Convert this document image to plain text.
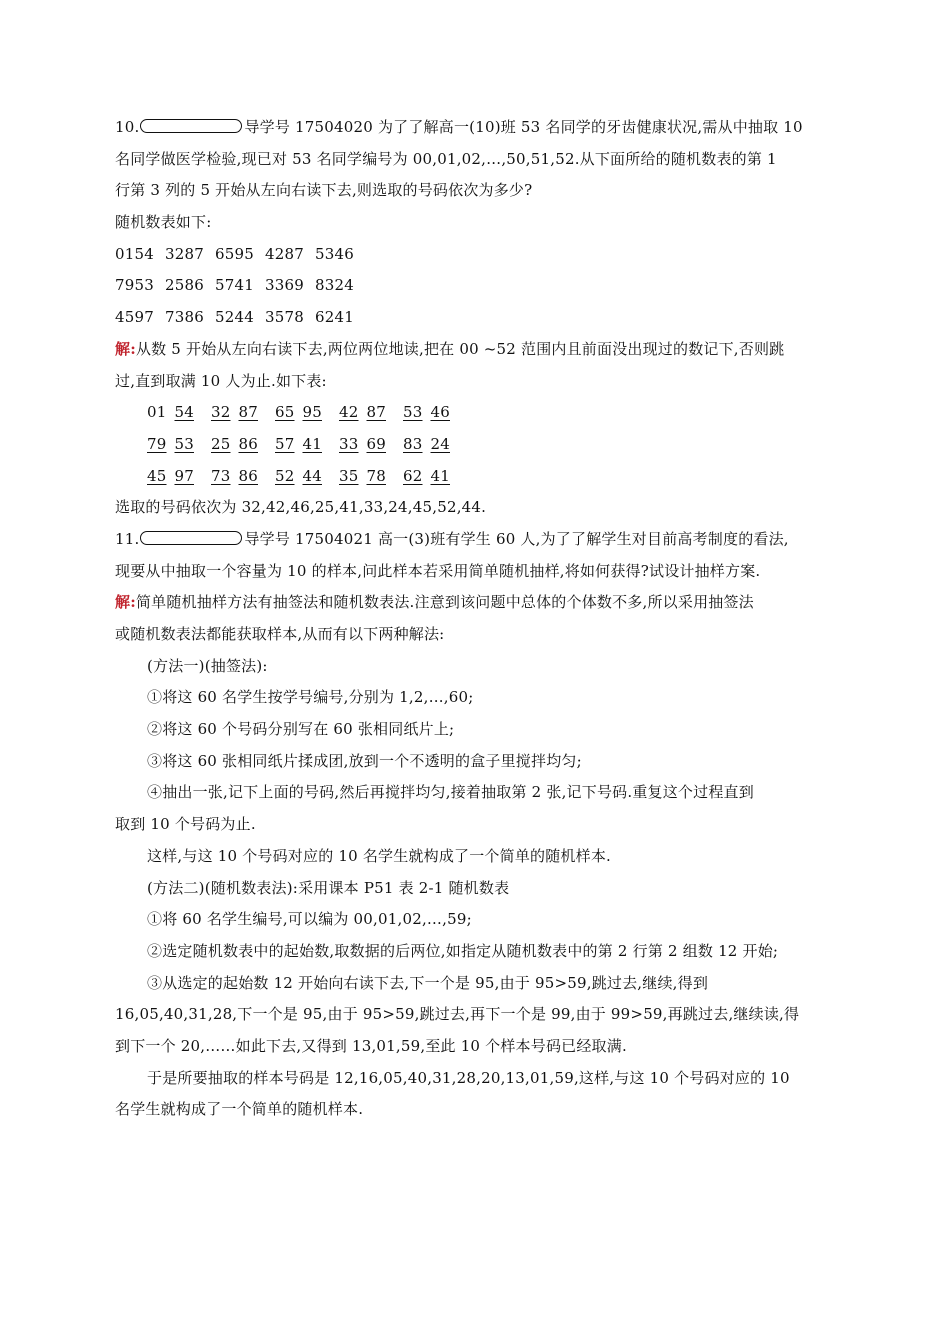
10.	导学号 17504020 为了了解高一(10)班 53 名同学的牙齿健康状况,需从中抽取 10
名同学做医学检验,现已对 53 名同学编号为 00,01,02,…,50,51,52.从下面所给的随机数表的第 1
行第 3 列的 5 开始从左向右读下去,则选取的号码依次为多少?
随机数表如下:
0154 3287 6595 4287 5346
7953 2586 5741 3369 8324
4597 7386 5244 3578 6241
解:从数 5 开始从左向右读下去,两位两位地读,把在 00 ~52 范围内且前面没出现过的数记下,否则跳
过,直到取满 10 人为止.如下表:
01 54 32 87 65 95 42 87 53 46
79 53 25 86 57 41 33 69 83 24
45 97 73 86 52 44 35 78 62 41
选取的号码依次为 32,42,46,25,41,33,24,45,52,44.
11.	导学号 17504021 高一(3)班有学生 60 人,为了了解学生对目前高考制度的看法,
现要从中抽取一个容量为 10 的样本,问此样本若采用简单随机抽样,将如何获得?试设计抽样方案.
解:简单随机抽样方法有抽签法和随机数表法.注意到该问题中总体的个体数不多,所以采用抽签法
或随机数表法都能获取样本,从而有以下两种解法:
(方法一)(抽签法):
①将这 60 名学生按学号编号,分别为 1,2,…,60;
②将这 60 个号码分别写在 60 张相同纸片上;
③将这 60 张相同纸片揉成团,放到一个不透明的盒子里搅拌均匀;
④抽出一张,记下上面的号码,然后再搅拌均匀,接着抽取第 2 张,记下号码.重复这个过程直到
取到 10 个号码为止.
这样,与这 10 个号码对应的 10 名学生就构成了一个简单的随机样本.
(方法二)(随机数表法):采用课本 P51 表 2-1 随机数表
①将 60 名学生编号,可以编为 00,01,02,…,59;
②选定随机数表中的起始数,取数据的后两位,如指定从随机数表中的第 2 行第 2 组数 12 开始;
③从选定的起始数 12 开始向右读下去,下一个是 95,由于 95>59,跳过去,继续,得到
16,05,40,31,28,下一个是 95,由于 95>59,跳过去,再下一个是 99,由于 99>59,再跳过去,继续读,得
到下一个 20,……如此下去,又得到 13,01,59,至此 10 个样本号码已经取满.
于是所要抽取的样本号码是 12,16,05,40,31,28,20,13,01,59,这样,与这 10 个号码对应的 10
名学生就构成了一个简单的随机样本.
